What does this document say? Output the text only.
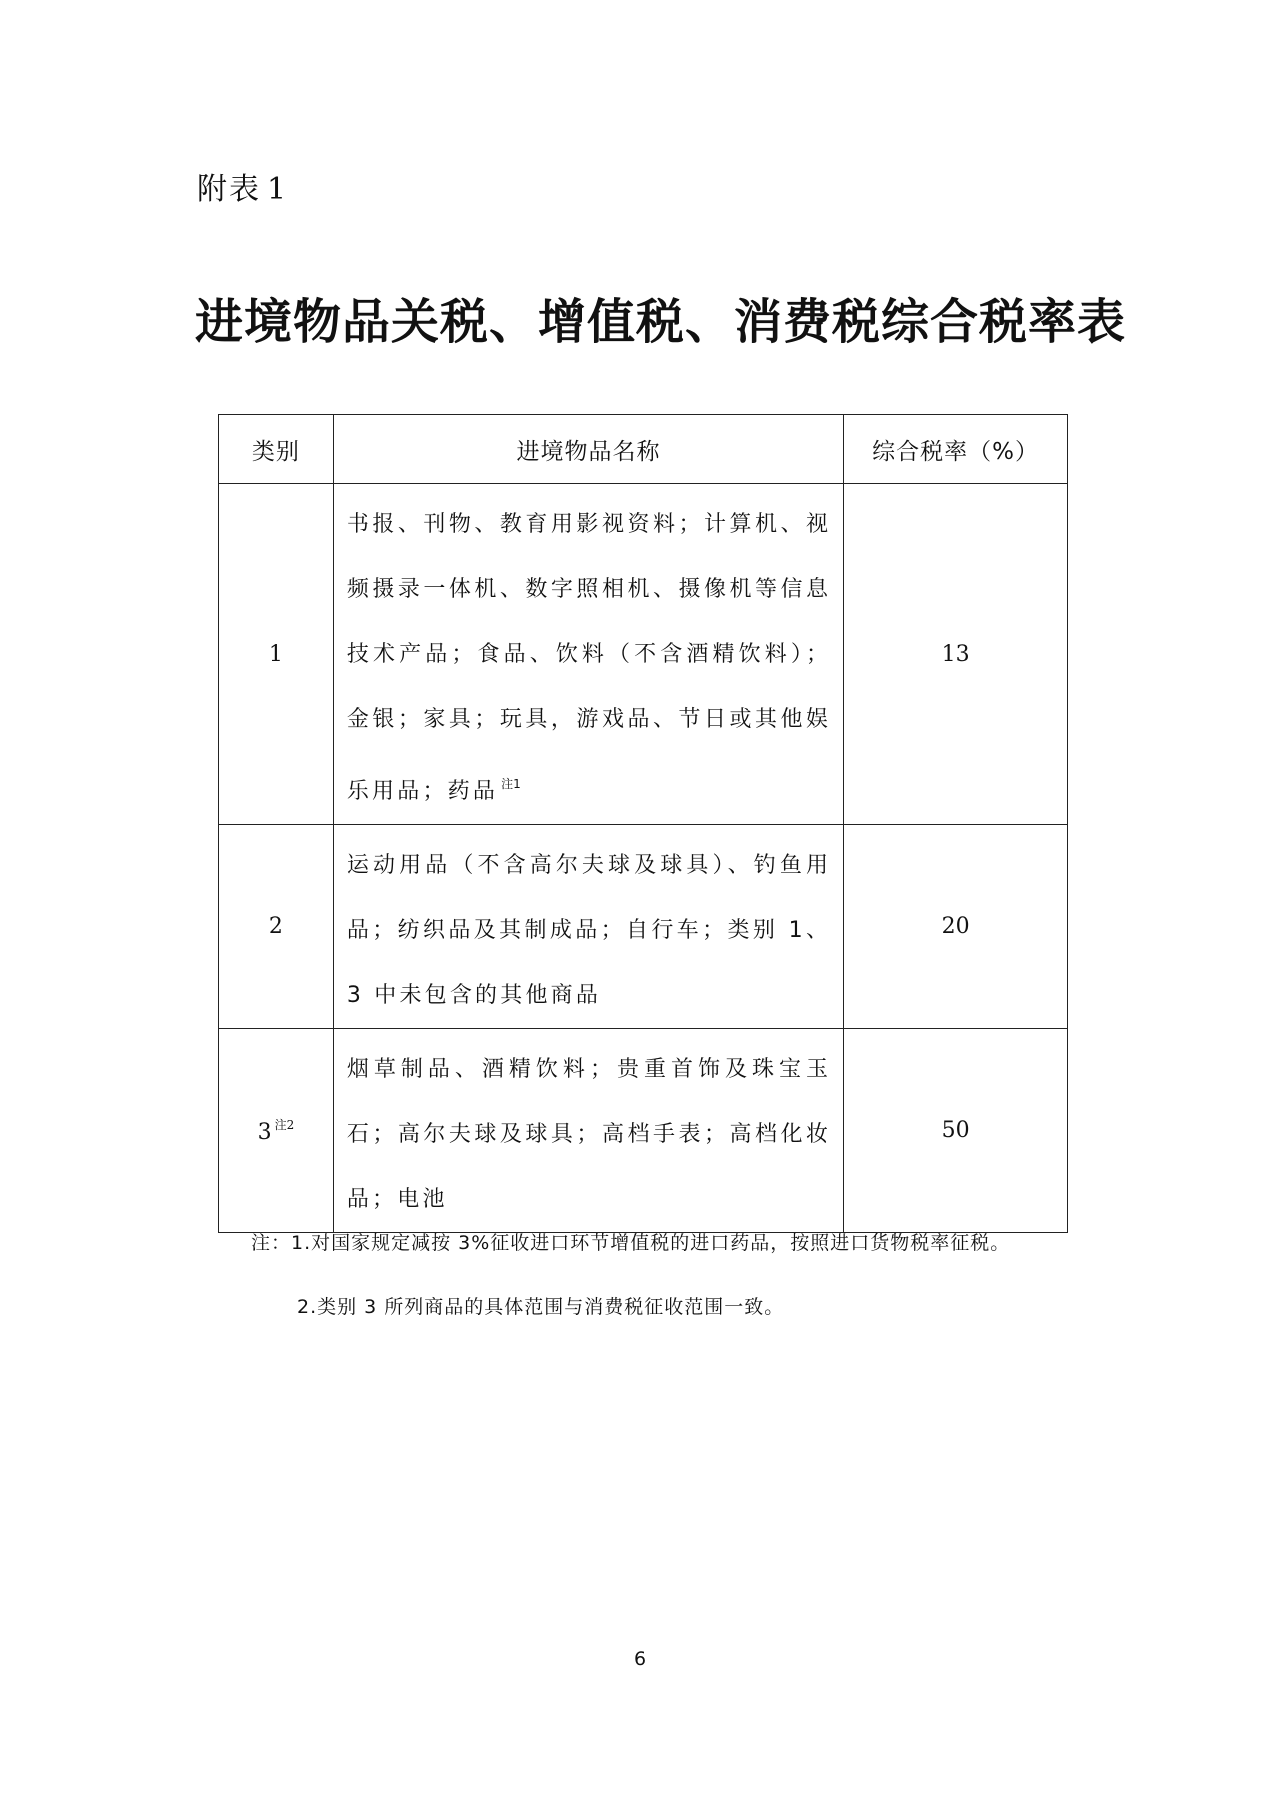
附表 1
进境物品关税、增值税、消费税综合税率表
类别	进境物品名称	综合税率（%）
1	书报、刊物、教育用影视资料；计算机、视频摄录一体机、数字照相机、摄像机等信息技术产品；食品、饮料（不含酒精饮料）；金银；家具；玩具，游戏品、节日或其他娱乐用品；药品 $^{注1}$	13
2	运动用品（不含高尔夫球及球具）、钓鱼用品；纺织品及其制成品；自行车；类别 1、3 中未包含的其他商品	20
3 $^{注2}$	烟草制品、酒精饮料；贵重首饰及珠宝玉石；高尔夫球及球具；高档手表；高档化妆品；电池	50
注：1.对国家规定减按 3%征收进口环节增值税的进口药品，按照进口货物税率征税。
2.类别 3 所列商品的具体范围与消费税征收范围一致。
6
